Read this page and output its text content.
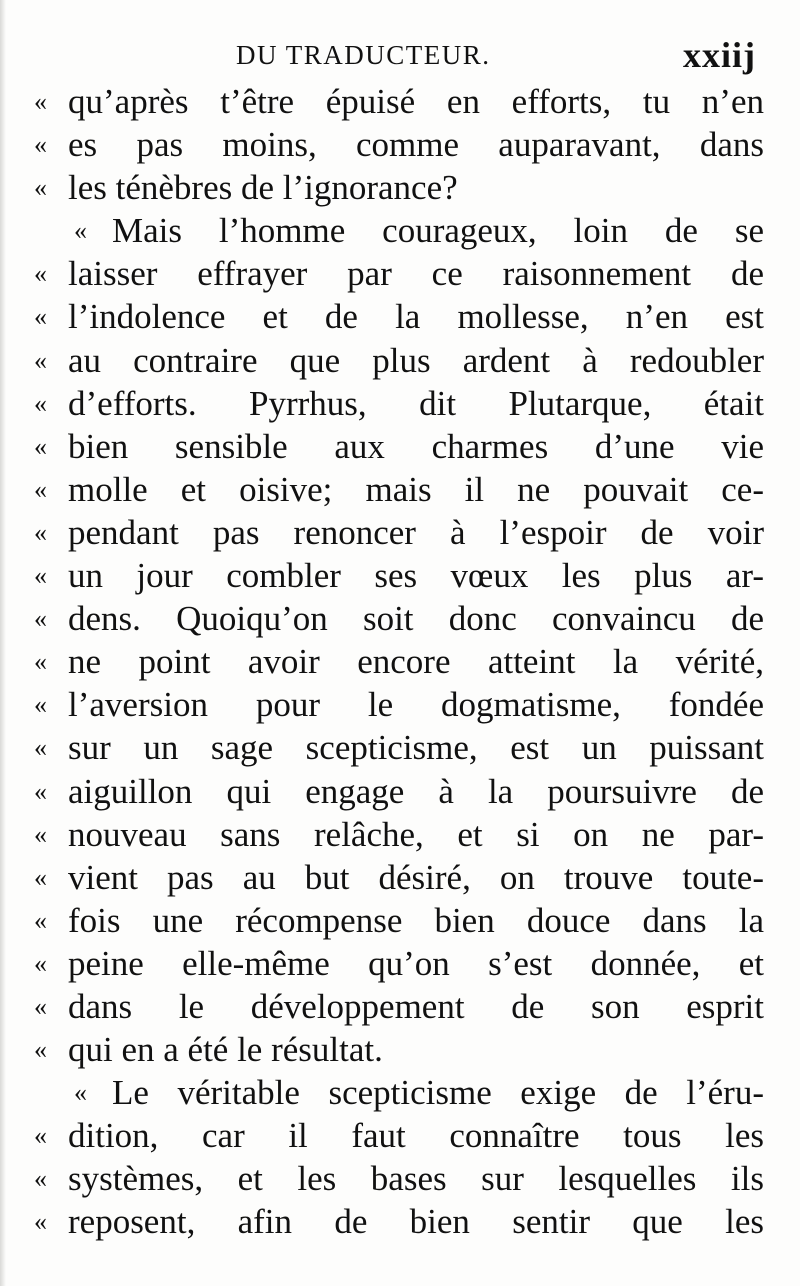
DU TRADUCTEUR.	xxiij
« qu’après t’être épuisé en efforts, tu n’en
« es pas moins, comme auparavant, dans
« les ténèbres de l’ignorance?
« Mais l’homme courageux, loin de se
« laisser effrayer par ce raisonnement de
« l’indolence et de la mollesse, n’en est
« au contraire que plus ardent à redoubler
« d’efforts. Pyrrhus, dit Plutarque, était
« bien sensible aux charmes d’une vie
« molle et oisive; mais il ne pouvait ce-
« pendant pas renoncer à l’espoir de voir
« un jour combler ses vœux les plus ar-
« dens. Quoiqu’on soit donc convaincu de
« ne point avoir encore atteint la vérité,
« l’aversion pour le dogmatisme, fondée
« sur un sage scepticisme, est un puissant
« aiguillon qui engage à la poursuivre de
« nouveau sans relâche, et si on ne par-
« vient pas au but désiré, on trouve toute-
« fois une récompense bien douce dans la
« peine elle-même qu’on s’est donnée, et
« dans le développement de son esprit
« qui en a été le résultat.
« Le véritable scepticisme exige de l’éru-
« dition, car il faut connaître tous les
« systèmes, et les bases sur lesquelles ils
« reposent, afin de bien sentir que les
